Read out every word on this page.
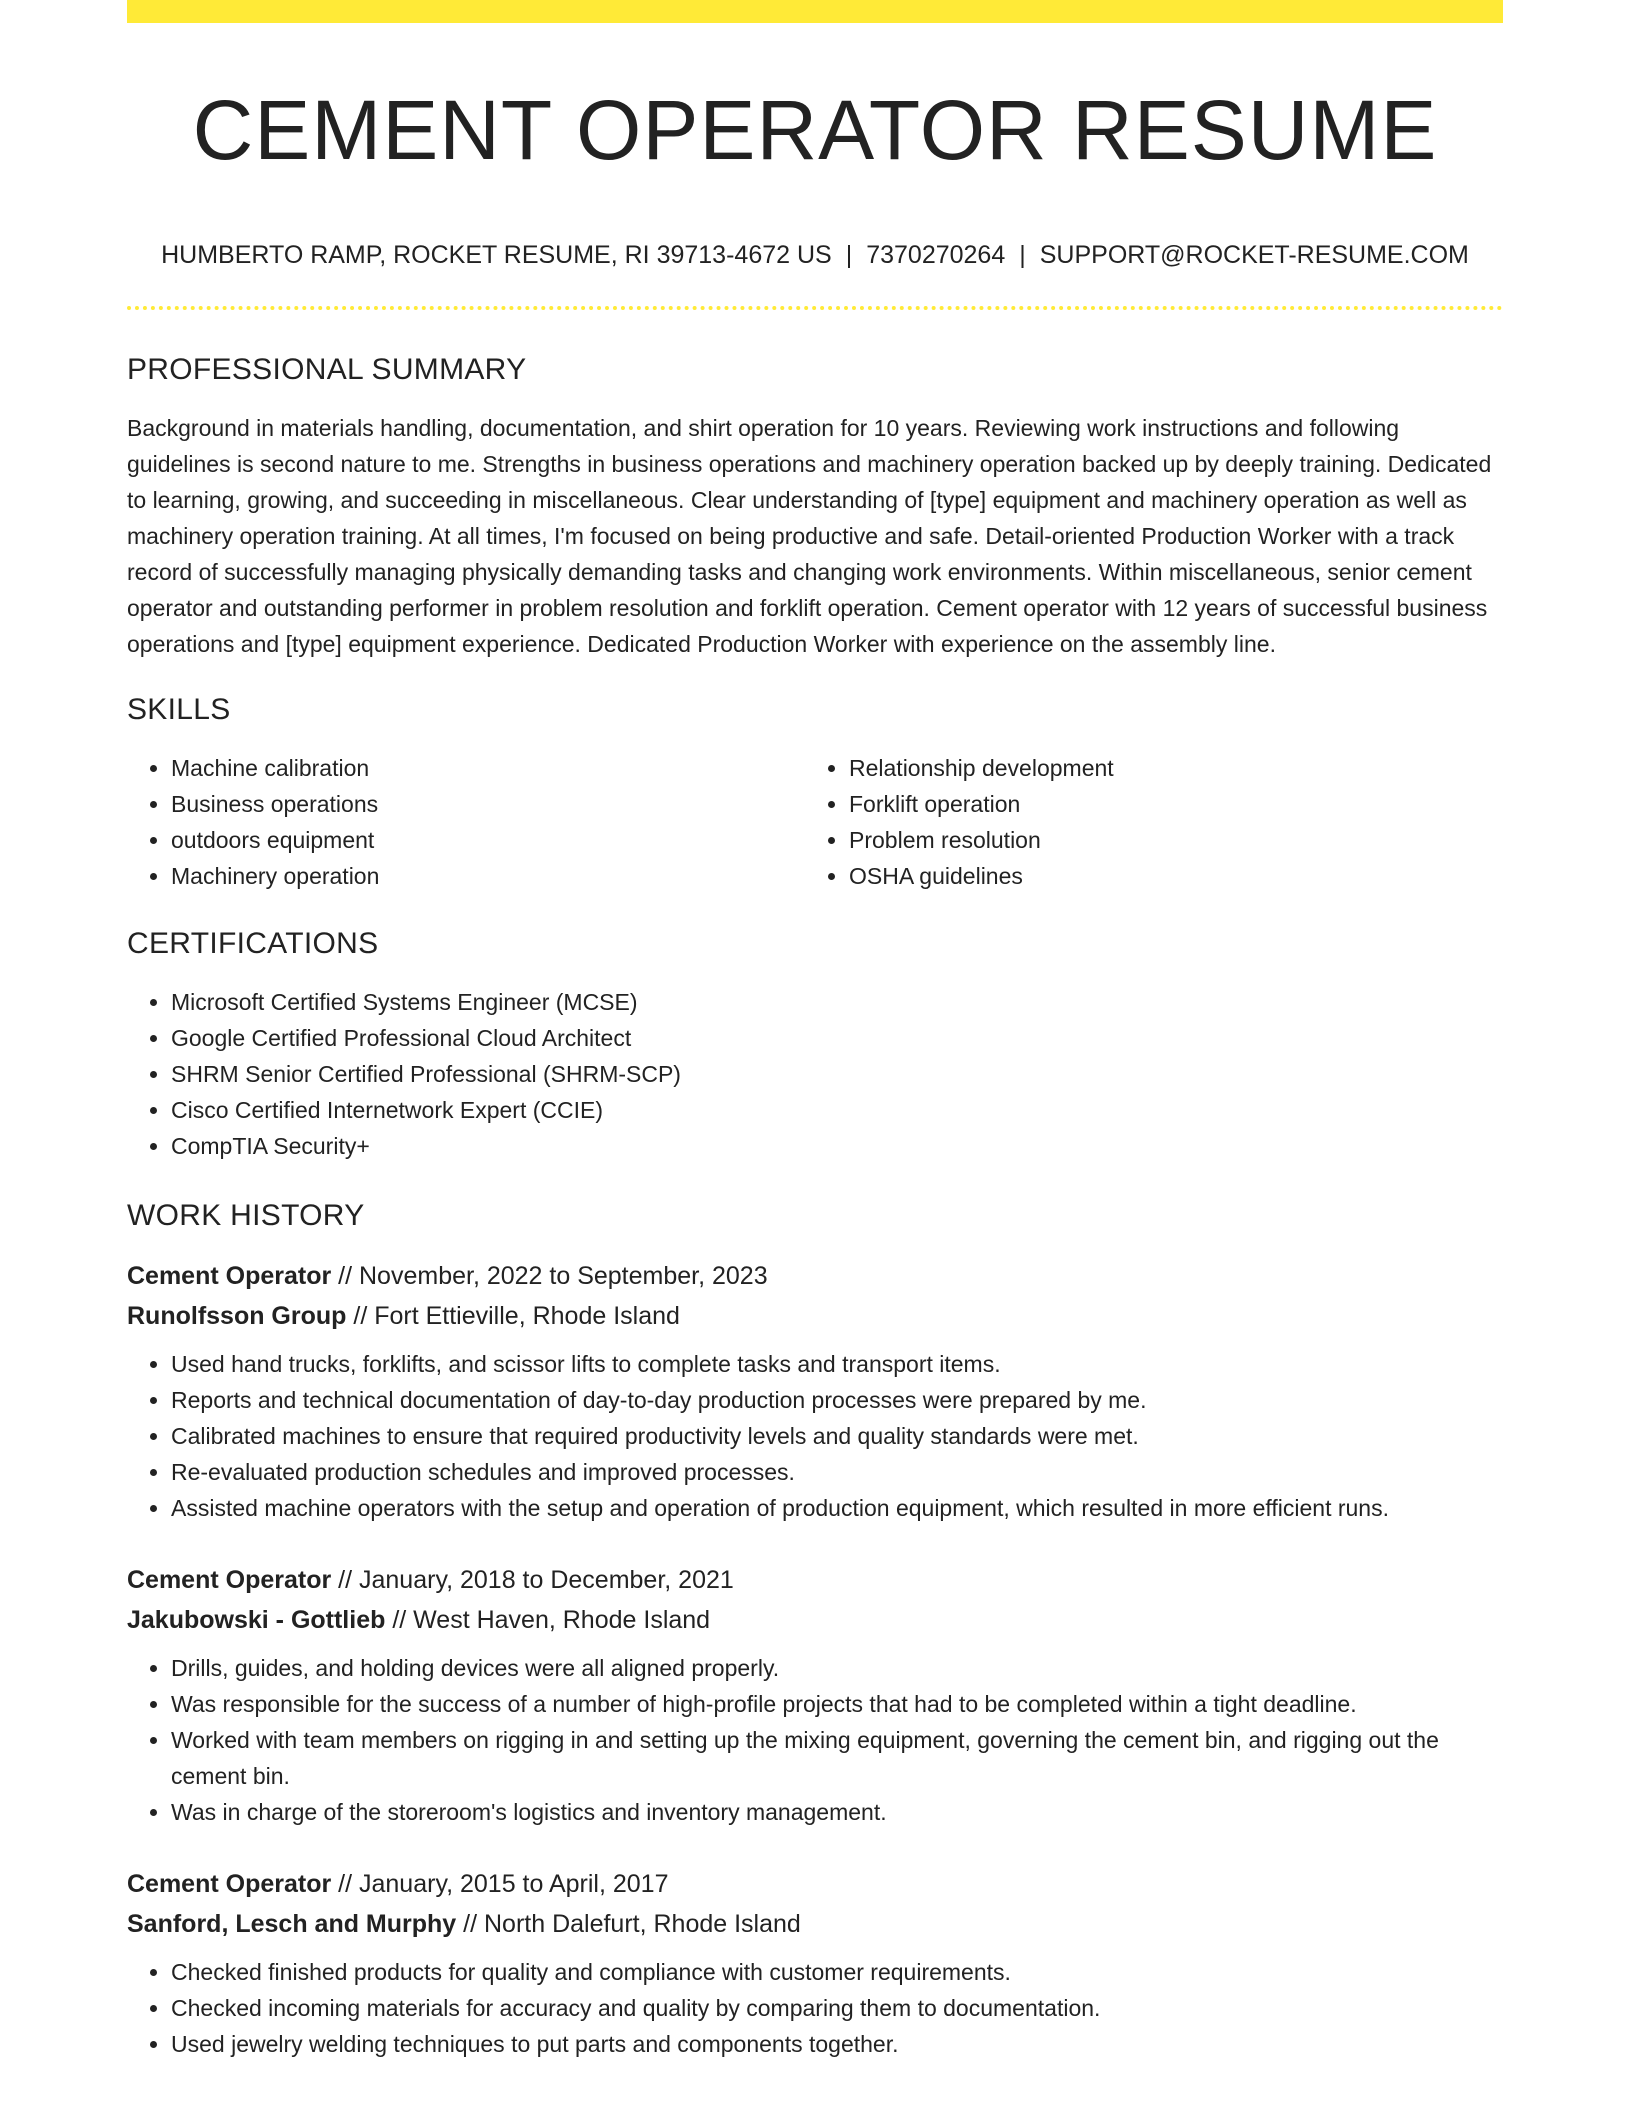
CEMENT OPERATOR RESUME
HUMBERTO RAMP, ROCKET RESUME, RI 39713-4672 US | 7370270264 | SUPPORT@ROCKET-RESUME.COM
PROFESSIONAL SUMMARY

Background in materials handling, documentation, and shirt operation for 10 years. Reviewing work instructions and following guidelines is second nature to me. Strengths in business operations and machinery operation backed up by deeply training. Dedicated to learning, growing, and succeeding in miscellaneous. Clear understanding of [type] equipment and machinery operation as well as machinery operation training. At all times, I'm focused on being productive and safe. Detail-oriented Production Worker with a track record of successfully managing physically demanding tasks and changing work environments. Within miscellaneous, senior cement operator and outstanding performer in problem resolution and forklift operation. Cement operator with 12 years of successful business operations and [type] equipment experience. Dedicated Production Worker with experience on the assembly line.

SKILLS
• Machine calibration
• Business operations
• outdoors equipment
• Machinery operation
• Relationship development
• Forklift operation
• Problem resolution
• OSHA guidelines
CERTIFICATIONS
• Microsoft Certified Systems Engineer (MCSE)
• Google Certified Professional Cloud Architect
• SHRM Senior Certified Professional (SHRM-SCP)
• Cisco Certified Internetwork Expert (CCIE)
• CompTIA Security+
WORK HISTORY
Cement Operator // November, 2022 to September, 2023
Runolfsson Group // Fort Ettieville, Rhode Island
• Used hand trucks, forklifts, and scissor lifts to complete tasks and transport items.
• Reports and technical documentation of day-to-day production processes were prepared by me.
• Calibrated machines to ensure that required productivity levels and quality standards were met.
• Re-evaluated production schedules and improved processes.
• Assisted machine operators with the setup and operation of production equipment, which resulted in more efficient runs.
Cement Operator // January, 2018 to December, 2021
Jakubowski - Gottlieb // West Haven, Rhode Island
• Drills, guides, and holding devices were all aligned properly.
• Was responsible for the success of a number of high-profile projects that had to be completed within a tight deadline.
• Worked with team members on rigging in and setting up the mixing equipment, governing the cement bin, and rigging out the cement bin.
• Was in charge of the storeroom's logistics and inventory management.
Cement Operator // January, 2015 to April, 2017
Sanford, Lesch and Murphy // North Dalefurt, Rhode Island
• Checked finished products for quality and compliance with customer requirements.
• Checked incoming materials for accuracy and quality by comparing them to documentation.
• Used jewelry welding techniques to put parts and components together.
